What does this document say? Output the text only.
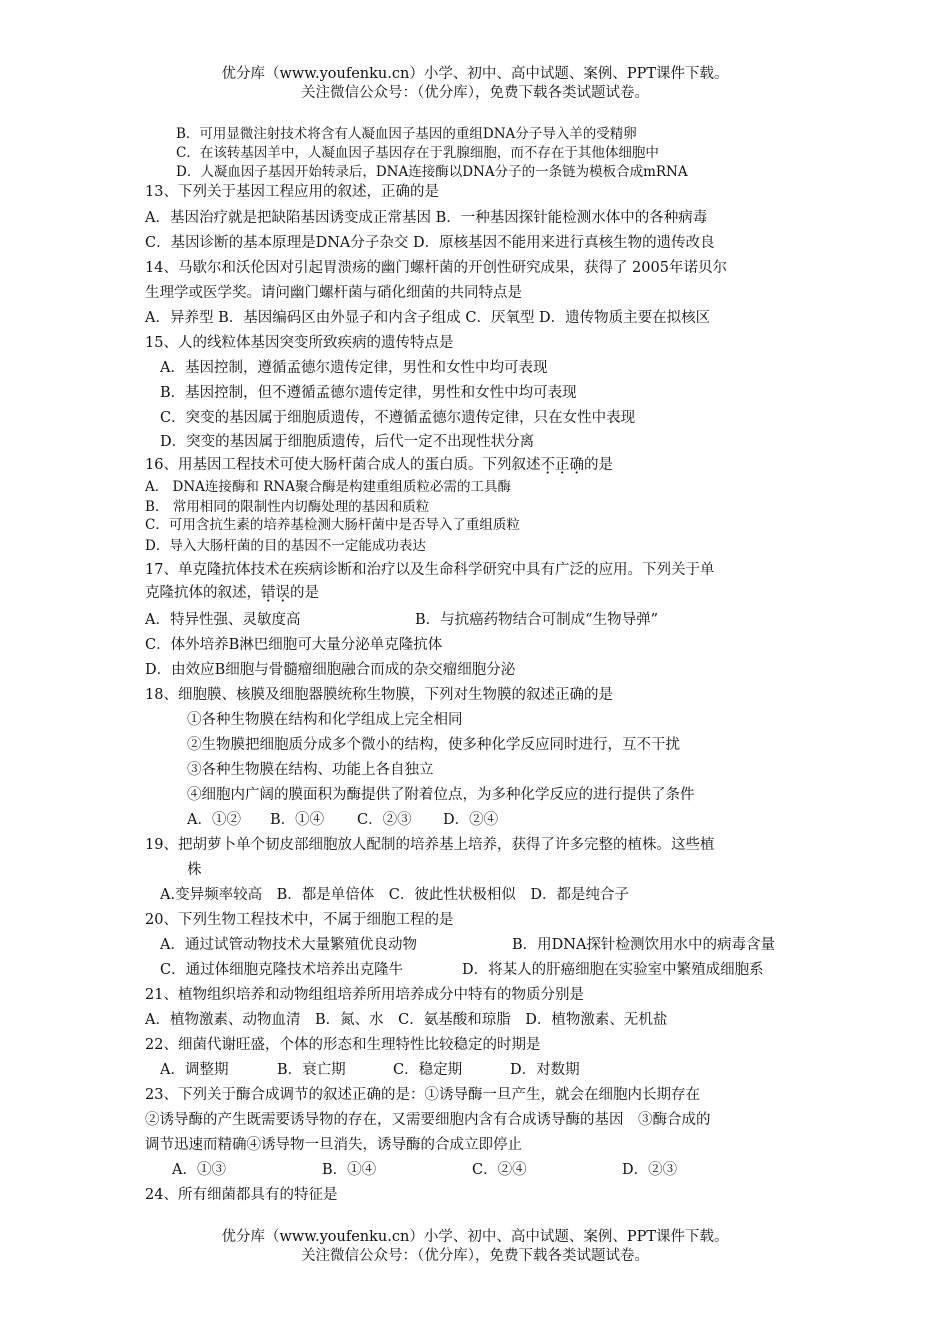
优分库（www.youfenku.cn）小学、初中、高中试题、案例、PPT课件下载。
关注微信公众号：（优分库），免费下载各类试题试卷。
B．可用显微注射技术将含有人凝血因子基因的重组DNA分子导入羊的受精卵
C．在该转基因羊中，人凝血因子基因存在于乳腺细胞，而不存在于其他体细胞中
D．人凝血因子基因开始转录后，DNA连接酶以DNA分子的一条链为模板合成mRNA
13、下列关于基因工程应用的叙述，正确的是
A．基因治疗就是把缺陷基因诱变成正常基因 B．一种基因探针能检测水体中的各种病毒
C．基因诊断的基本原理是DNA分子杂交 D．原核基因不能用来进行真核生物的遗传改良
14、马歇尔和沃伦因对引起胃溃疡的幽门螺杆菌的开创性研究成果，获得了 2005年诺贝尔
生理学或医学奖。请问幽门螺杆菌与硝化细菌的共同特点是
A．异养型 B．基因编码区由外显子和内含子组成 C．厌氧型 D．遗传物质主要在拟核区
15、人的线粒体基因突变所致疾病的遗传特点是
A．基因控制，遵循孟德尔遗传定律，男性和女性中均可表现
B．基因控制，但不遵循孟德尔遗传定律，男性和女性中均可表现
C．突变的基因属于细胞质遗传，不遵循孟德尔遗传定律，只在女性中表现
D．突变的基因属于细胞质遗传，后代一定不出现性状分离
16、用基因工程技术可使大肠杆菌合成人的蛋白质。下列叙述不正确的是
A． DNA连接酶和 RNA聚合酶是构建重组质粒必需的工具酶
B． 常用相同的限制性内切酶处理的基因和质粒
C．可用含抗生素的培养基检测大肠杆菌中是否导入了重组质粒
D．导入大肠杆菌的目的基因不一定能成功表达
17、单克隆抗体技术在疾病诊断和治疗以及生命科学研究中具有广泛的应用。下列关于单
克隆抗体的叙述，错误的是
A．特异性强、灵敏度高	B．与抗癌药物结合可制成“生物导弹”
C．体外培养B淋巴细胞可大量分泌单克隆抗体
D．由效应B细胞与骨髓瘤细胞融合而成的杂交瘤细胞分泌
18、细胞膜、核膜及细胞器膜统称生物膜，下列对生物膜的叙述正确的是
①各种生物膜在结构和化学组成上完全相同
②生物膜把细胞质分成多个微小的结构，使多种化学反应同时进行，互不干扰
③各种生物膜在结构、功能上各自独立
④细胞内广阔的膜面积为酶提供了附着位点，为多种化学反应的进行提供了条件
A．①② B．①④ C．②③ D．②④
19、把胡萝卜单个韧皮部细胞放人配制的培养基上培养，获得了许多完整的植株。这些植
株
A.变异频率较高　B．都是单倍体　C．彼此性状极相似　D．都是纯合子
20、下列生物工程技术中，不属于细胞工程的是
A．通过试管动物技术大量繁殖优良动物	B．用DNA探针检测饮用水中的病毒含量
C．通过体细胞克隆技术培养出克隆牛	D．将某人的肝癌细胞在实验室中繁殖成细胞系
21、植物组织培养和动物组组培养所用培养成分中特有的物质分别是
A．植物激素、动物血清　B．氮、水　C．氨基酸和琼脂　D．植物激素、无机盐
22、细菌代谢旺盛，个体的形态和生理特性比较稳定的时期是
A．调整期	B．衰亡期	C．稳定期	D．对数期
23、下列关于酶合成调节的叙述正确的是：①诱导酶一旦产生，就会在细胞内长期存在
②诱导酶的产生既需要诱导物的存在，又需要细胞内含有合成诱导酶的基因　③酶合成的
调节迅速而精确④诱导物一旦消失，诱导酶的合成立即停止
A．①③	B．①④	C．②④	D．②③
24、所有细菌都具有的特征是
优分库（www.youfenku.cn）小学、初中、高中试题、案例、PPT课件下载。
关注微信公众号：（优分库），免费下载各类试题试卷。
